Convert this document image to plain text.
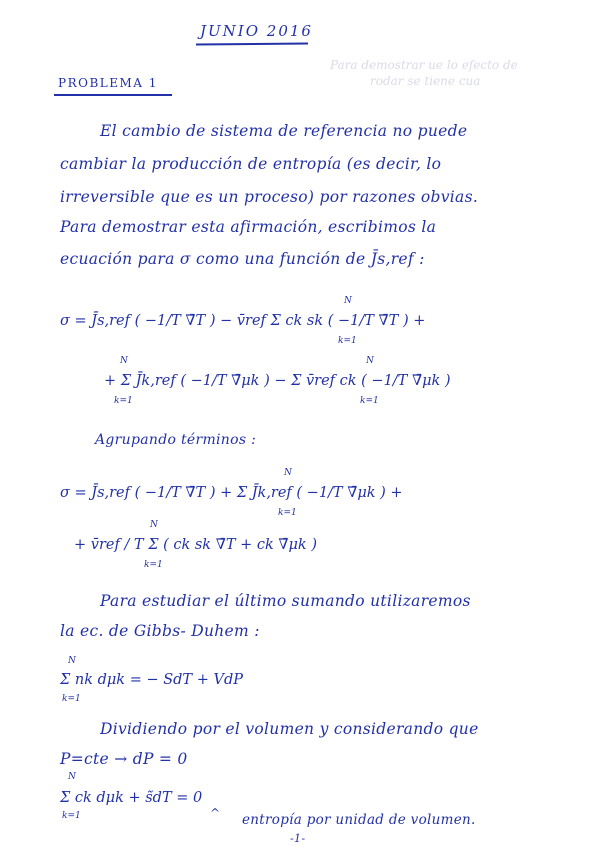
Para demostrar ue lo efecto de
rodar se tiene cua
JUNIO 2016
PROBLEMA 1
El cambio de sistema de referencia no puede
cambiar la producción de entropía (es decir, lo
irreversible que es un proceso) por razones obvias.
Para demostrar esta afirmación, escribimos la
ecuación para σ como una función de J̄s,ref :
σ = J̄s,ref ( −1/T ∇̄T ) − v̄ref Σ ck sk ( −1/T ∇̄T ) +
N
k=1
+ Σ J̄k,ref ( −1/T ∇̄μk ) − Σ v̄ref ck ( −1/T ∇̄μk )
N
k=1
N
k=1
Agrupando términos :
σ = J̄s,ref ( −1/T ∇̄T ) + Σ J̄k,ref ( −1/T ∇̄μk ) +
N
k=1
+ v̄ref / T Σ ( ck sk ∇̄T + ck ∇̄μk )
N
k=1
Para estudiar el último sumando utilizaremos
la ec. de Gibbs- Duhem :
Σ nk dμk = − SdT + VdP
N
k=1
Dividiendo por el volumen y considerando que
P=cte → dP = 0
Σ ck dμk + s̃dT = 0
N
k=1	^ entropía por unidad de volumen.
-1-
